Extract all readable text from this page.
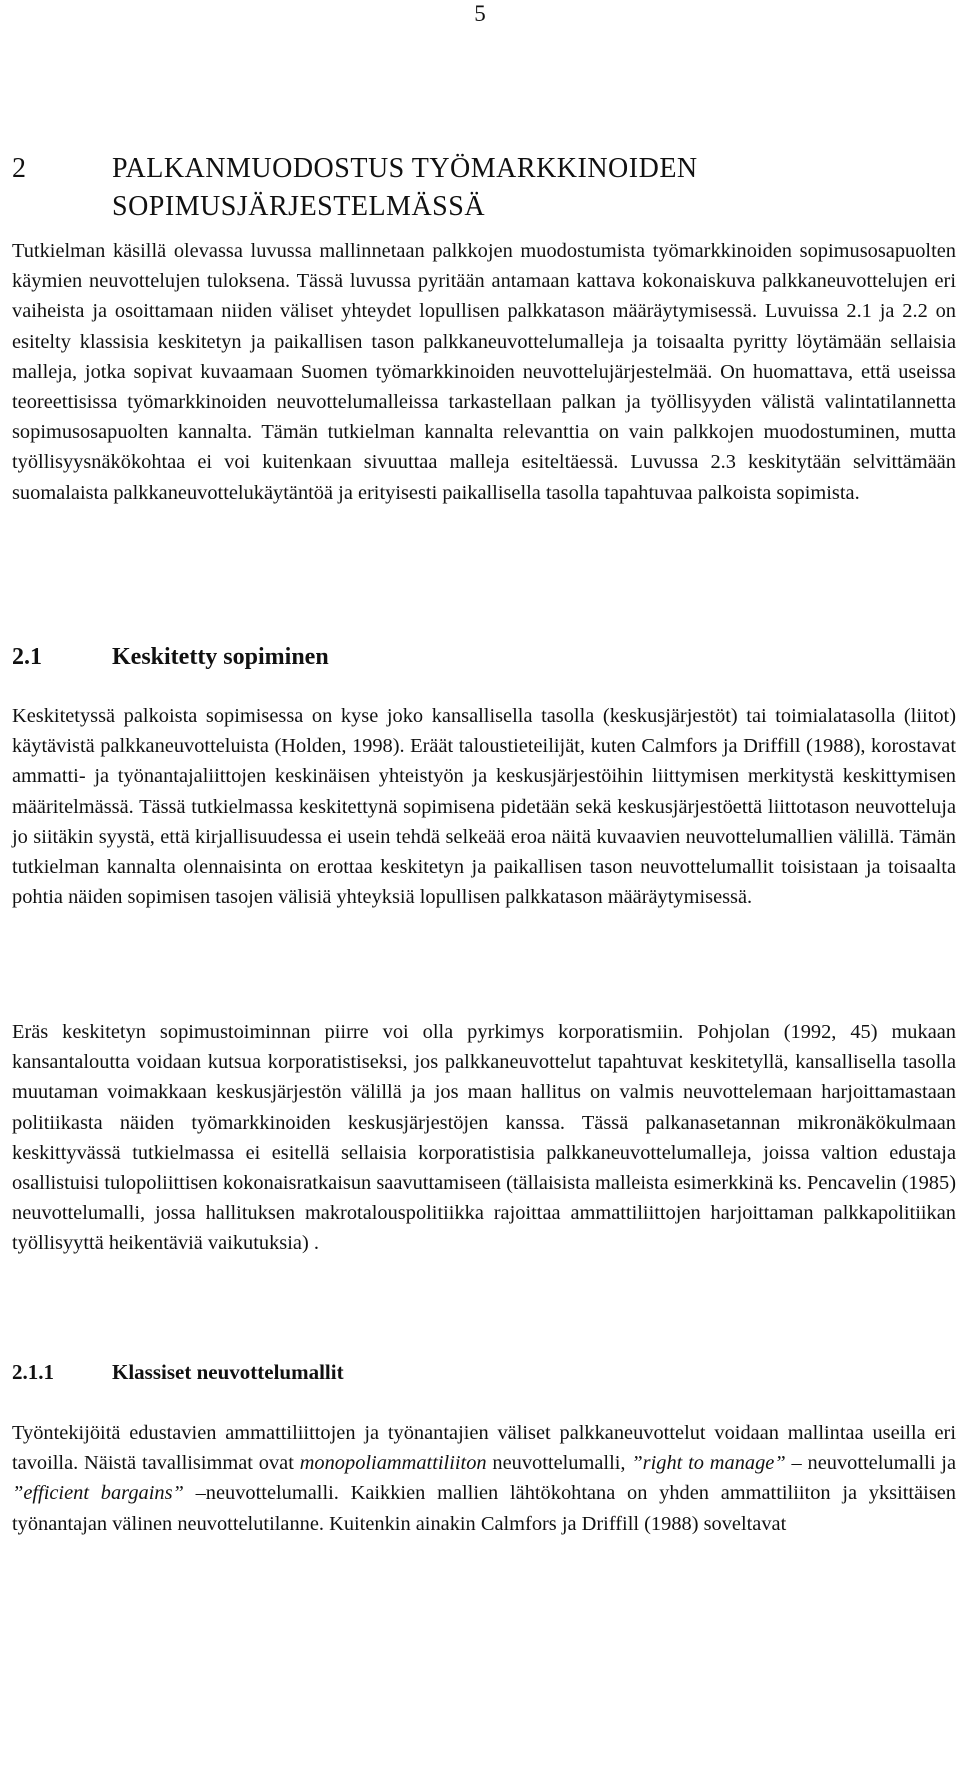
5
2	PALKANMUODOSTUS TYÖMARKKINOIDEN SOPIMUSJÄRJESTELMÄSSÄ

Tutkielman käsillä olevassa luvussa mallinnetaan palkkojen muodostumista työmarkkinoiden sopimusosapuolten käymien neuvottelujen tuloksena. Tässä luvussa pyritään antamaan kattava kokonaiskuva palkkaneuvottelujen eri vaiheista ja osoittamaan niiden väliset yhteydet lopullisen palkkatason määräytymisessä. Luvuissa 2.1 ja 2.2 on esitelty klassisia keskitetyn ja paikallisen tason palkkaneuvottelumalleja ja toisaalta pyritty löytämään sellaisia malleja, jotka sopivat kuvaamaan Suomen työmarkkinoiden neuvottelujärjestelmää. On huomattava, että useissa teoreettisissa työmarkkinoiden neuvottelumalleissa tarkastellaan palkan ja työllisyyden välistä valintatilannetta sopimusosapuolten kannalta. Tämän tutkielman kannalta relevanttia on vain palkkojen muodostuminen, mutta työllisyysnäkökohtaa ei voi kuitenkaan sivuuttaa malleja esiteltäessä. Luvussa 2.3 keskitytään selvittämään suomalaista palkkaneuvottelukäytäntöä ja erityisesti paikallisella tasolla tapahtuvaa palkoista sopimista.

2.1	Keskitetty sopiminen

Keskitetyssä palkoista sopimisessa on kyse joko kansallisella tasolla (keskusjärjestöt) tai toimialatasolla (liitot) käytävistä palkkaneuvotteluista (Holden, 1998). Eräät taloustieteilijät, kuten Calmfors ja Driffill (1988), korostavat ammatti- ja työnantajaliittojen keskinäisen yhteistyön ja keskusjärjestöihin liittymisen merkitystä keskittymisen määritelmässä. Tässä tutkielmassa keskitettynä sopimisena pidetään sekä keskusjärjestöettä liittotason neuvotteluja jo siitäkin syystä, että kirjallisuudessa ei usein tehdä selkeää eroa näitä kuvaavien neuvottelumallien välillä. Tämän tutkielman kannalta olennaisinta on erottaa keskitetyn ja paikallisen tason neuvottelumallit toisistaan ja toisaalta pohtia näiden sopimisen tasojen välisiä yhteyksiä lopullisen palkkatason määräytymisessä.

Eräs keskitetyn sopimustoiminnan piirre voi olla pyrkimys korporatismiin. Pohjolan (1992, 45) mukaan kansantaloutta voidaan kutsua korporatistiseksi, jos palkkaneuvottelut tapahtuvat keskitetyllä, kansallisella tasolla muutaman voimakkaan keskusjärjestön välillä ja jos maan hallitus on valmis neuvottelemaan harjoittamastaan politiikasta näiden työmarkkinoiden keskusjärjestöjen kanssa. Tässä palkanasetannan mikronäkökulmaan keskittyvässä tutkielmassa ei esitellä sellaisia korporatistisia palkkaneuvottelumalleja, joissa valtion edustaja osallistuisi tulopoliittisen kokonaisratkaisun saavuttamiseen (tällaisista malleista esimerkkinä ks. Pencavelin (1985) neuvottelumalli, jossa hallituksen makrotalouspolitiikka rajoittaa ammattiliittojen harjoittaman palkkapolitiikan työllisyyttä heikentäviä vaikutuksia) .

2.1.1	Klassiset neuvottelumallit

Työntekijöitä edustavien ammattiliittojen ja työnantajien väliset palkkaneuvottelut voidaan mallintaa useilla eri tavoilla. Näistä tavallisimmat ovat monopoliammattiliiton neuvottelumalli, ”right to manage” – neuvottelumalli ja ”efficient bargains” –neuvottelumalli. Kaikkien mallien lähtökohtana on yhden ammattiliiton ja yksittäisen työnantajan välinen neuvottelutilanne. Kuitenkin ainakin Calmfors ja Driffill (1988) soveltavat
